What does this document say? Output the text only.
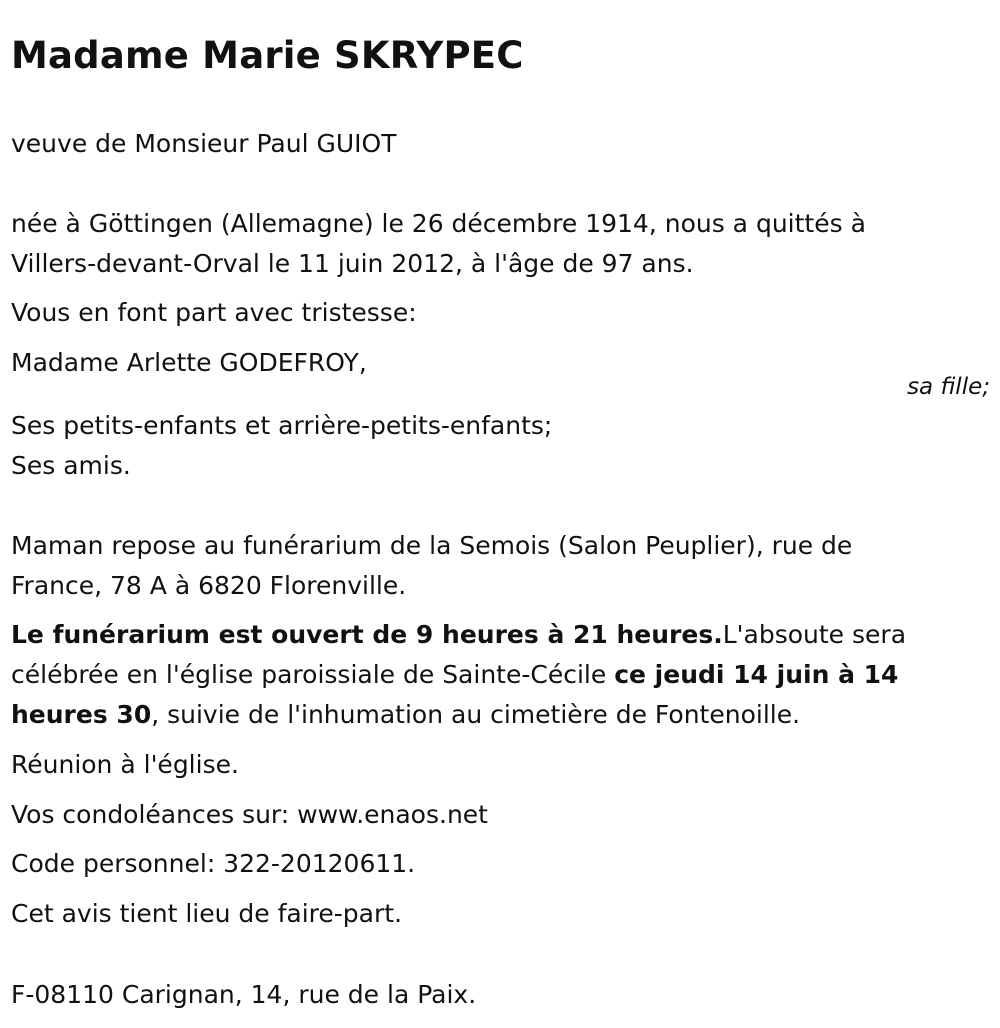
Madame Marie SKRYPEC
veuve de Monsieur Paul GUIOT
née à Göttingen (Allemagne) le 26 décembre 1914, nous a quittés à
Villers-devant-Orval le 11 juin 2012, à l'âge de 97 ans.
Vous en font part avec tristesse:
Madame Arlette GODEFROY,
sa fille;
Ses petits-enfants et arrière-petits-enfants;
Ses amis.
Maman repose au funérarium de la Semois (Salon Peuplier), rue de
France, 78 A à 6820 Florenville.
Le funérarium est ouvert de 9 heures à 21 heures.L'absoute sera
célébrée en l'église paroissiale de Sainte-Cécile ce jeudi 14 juin à 14
heures 30, suivie de l'inhumation au cimetière de Fontenoille.
Réunion à l'église.
Vos condoléances sur: www.enaos.net
Code personnel: 322-20120611.
Cet avis tient lieu de faire-part.
F-08110 Carignan, 14, rue de la Paix.
